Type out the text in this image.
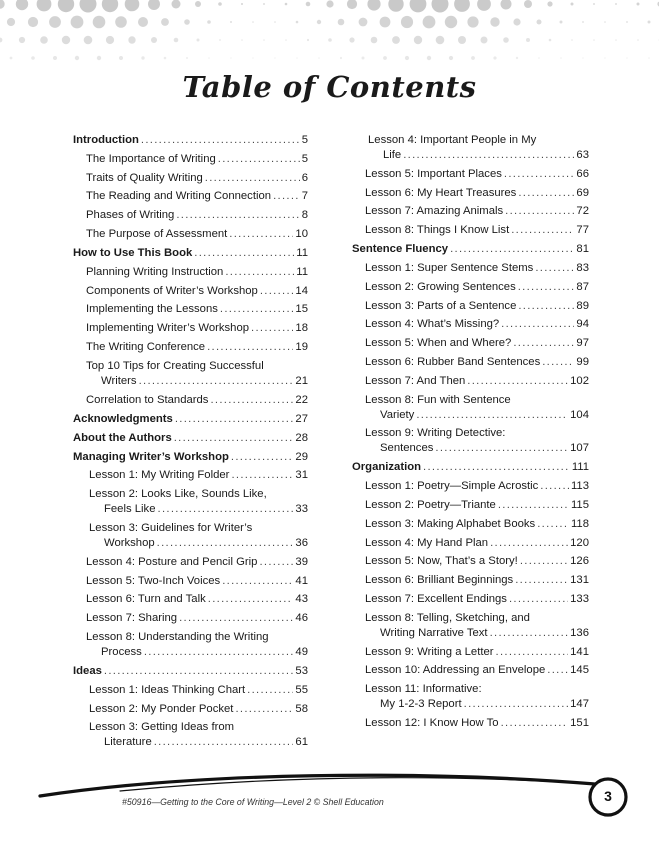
Table of Contents
Introduction .....	5
The Importance of Writing .....	5
Traits of Quality Writing .....	6
The Reading and Writing Connection .....	7
Phases of Writing .....	8
The Purpose of Assessment .....	10
How to Use This Book .....	11
Planning Writing Instruction .....	11
Components of Writer’s Workshop .....	14
Implementing the Lessons .....	15
Implementing Writer’s Workshop .....	18
The Writing Conference .....	19
Top 10 Tips for Creating Successful
Writers .....	21
Correlation to Standards .....	22
Acknowledgments .....	27
About the Authors .....	28
Managing Writer’s Workshop .....	29
Lesson 1: My Writing Folder .....	31
Lesson 2: Looks Like, Sounds Like,
Feels Like .....	33
Lesson 3: Guidelines for Writer’s
Workshop .....	36
Lesson 4: Posture and Pencil Grip .....	39
Lesson 5: Two-Inch Voices .....	41
Lesson 6: Turn and Talk .....	43
Lesson 7: Sharing .....	46
Lesson 8: Understanding the Writing
Process .....	49
Ideas .....	53
Lesson 1: Ideas Thinking Chart .....	55
Lesson 2: My Ponder Pocket .....	58
Lesson 3: Getting Ideas from
Literature .....	61
Lesson 4: Important People in My
Life .....	63
Lesson 5: Important Places .....	66
Lesson 6: My Heart Treasures .....	69
Lesson 7: Amazing Animals .....	72
Lesson 8: Things I Know List .....	77
Sentence Fluency .....	81
Lesson 1: Super Sentence Stems .....	83
Lesson 2: Growing Sentences .....	87
Lesson 3: Parts of a Sentence .....	89
Lesson 4: What’s Missing? .....	94
Lesson 5: When and Where? .....	97
Lesson 6: Rubber Band Sentences .....	99
Lesson 7: And Then .....	102
Lesson 8: Fun with Sentence
Variety .....	104
Lesson 9: Writing Detective:
Sentences .....	107
Organization .....	111
Lesson 1: Poetry—Simple Acrostic .....	113
Lesson 2: Poetry—Triante .....	115
Lesson 3: Making Alphabet Books .....	118
Lesson 4: My Hand Plan .....	120
Lesson 5: Now, That’s a Story! .....	126
Lesson 6: Brilliant Beginnings .....	131
Lesson 7: Excellent Endings .....	133
Lesson 8: Telling, Sketching, and
Writing Narrative Text .....	136
Lesson 9: Writing a Letter .....	141
Lesson 10: Addressing an Envelope ..... 145
Lesson 11: Informative:
My 1-2-3 Report .....	147
Lesson 12: I Know How To .....	151
#50916—Getting to the Core of Writing—Level 2 © Shell Education	3
